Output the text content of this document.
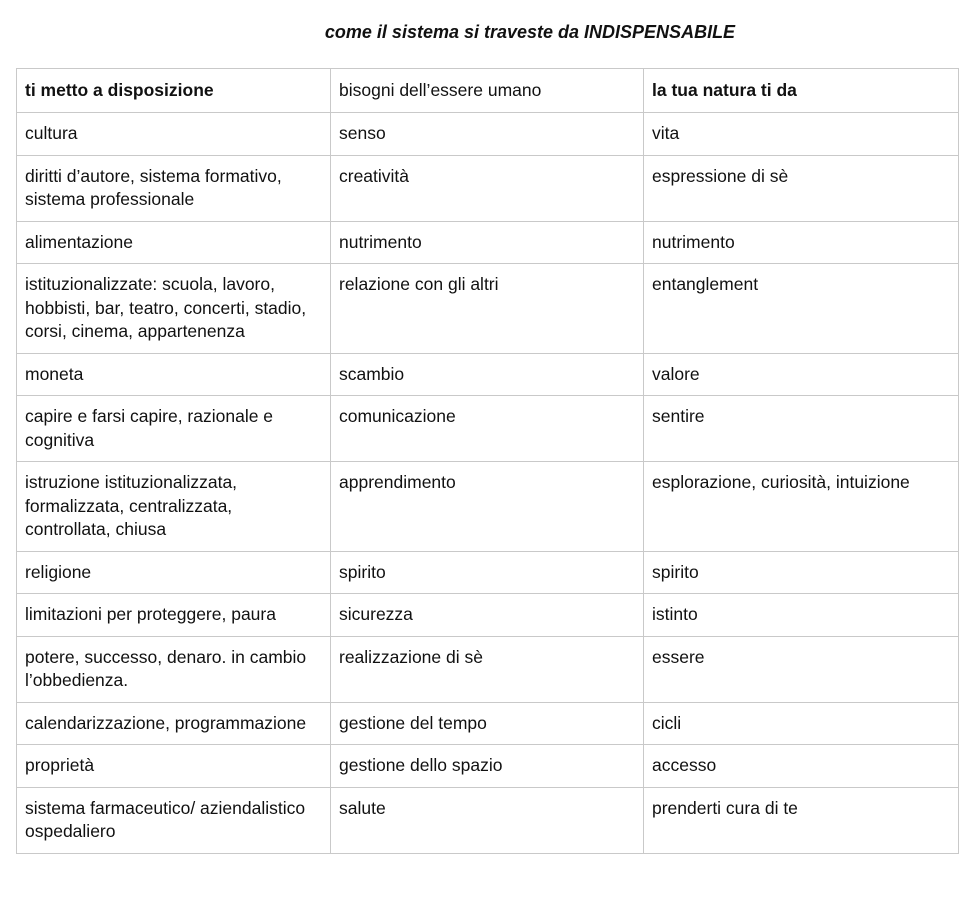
come il sistema si traveste da INDISPENSABILE
ti metto a disposizione	bisogni dell’essere umano	la tua natura ti da
cultura	senso	vita
diritti d’autore, sistema formativo, sistema professionale	creatività	espressione di sè
alimentazione	nutrimento	nutrimento
istituzionalizzate: scuola, lavoro, hobbisti, bar, teatro, concerti, stadio, corsi, cinema, appartenenza	relazione con gli altri	entanglement
moneta	scambio	valore
capire e farsi capire, razionale e cognitiva	comunicazione	sentire
istruzione istituzionalizzata, formalizzata, centralizzata, controllata, chiusa	apprendimento	esplorazione, curiosità, intuizione
religione	spirito	spirito
limitazioni per proteggere, paura	sicurezza	istinto
potere, successo, denaro. in cambio l’obbedienza.	realizzazione di sè	essere
calendarizzazione, programmazione	gestione del tempo	cicli
proprietà	gestione dello spazio	accesso
sistema farmaceutico/ aziendalistico ospedaliero	salute	prenderti cura di te
